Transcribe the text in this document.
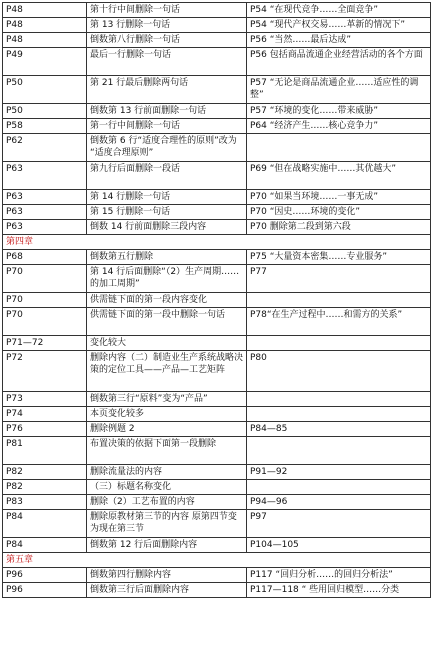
P48	第十行中间删除一句话	P54 “在现代竞争……全面竞争”
P48	第 13 行删除一句话	P54 “现代产权交易……革新的情况下”
P48	倒数第八行删除一句话	P56 “当然……最后达成”
P49	最后一行删除一句话	P56 包括商品流通企业经营活动的各个方面
P50	第 21 行最后删除两句话	P57 “无论是商品流通企业……适应性的调整”
P50	倒数第 13 行前面删除一句话	P57 “环境的变化……带来威胁”
P58	第一行中间删除一句话	P64 “经济产生……核心竞争力”
P62	倒数第 6 行“适度合理性的原则”改为 “适度合理原则”	
P63	第九行后面删除一段话	P69 “但在战略实施中……其优越大”
P63	第 14 行删除一句话	P70 “如果当环境……一事无成”
P63	第 15 行删除一句话	P70 “因史……环境的变化”
P63	倒数 14 行前面删除三段内容	P70 删除第二段到第六段
第四章		
P68	倒数第五行删除	P75 “大量资本密集……专业服务”
P70	第 14 行后面删除“（2）生产周期……的加工周期”	P77
P70	供需链下面的第一段内容变化	
P70	供需链下面的第一段中删除一句话	P78“在生产过程中……和需方的关系”
P71—72	变化较大	
P72	删除内容（二）制造业生产系统战略决策的定位工具——产品—工艺矩阵	P80
P73	倒数第三行“原料”变为“产品”	
P74	本页变化较多	
P76	删除例题 2	P84—85
P81	布置决策的依据下面第一段删除	
P82	删除流量法的内容	P91—92
P82	（三）标题名称变化	
P83	删除（2）工艺布置的内容	P94—96
P84	删除原教材第三节的内容 原第四节变为现在第三节	P97
P84	倒数第 12 行后面删除内容	P104—105
第五章		
P96	倒数第四行删除内容	P117 “回归分析……的回归分析法”
P96	倒数第三行后面删除内容	P117—118 “ 些用回归模型……分类
